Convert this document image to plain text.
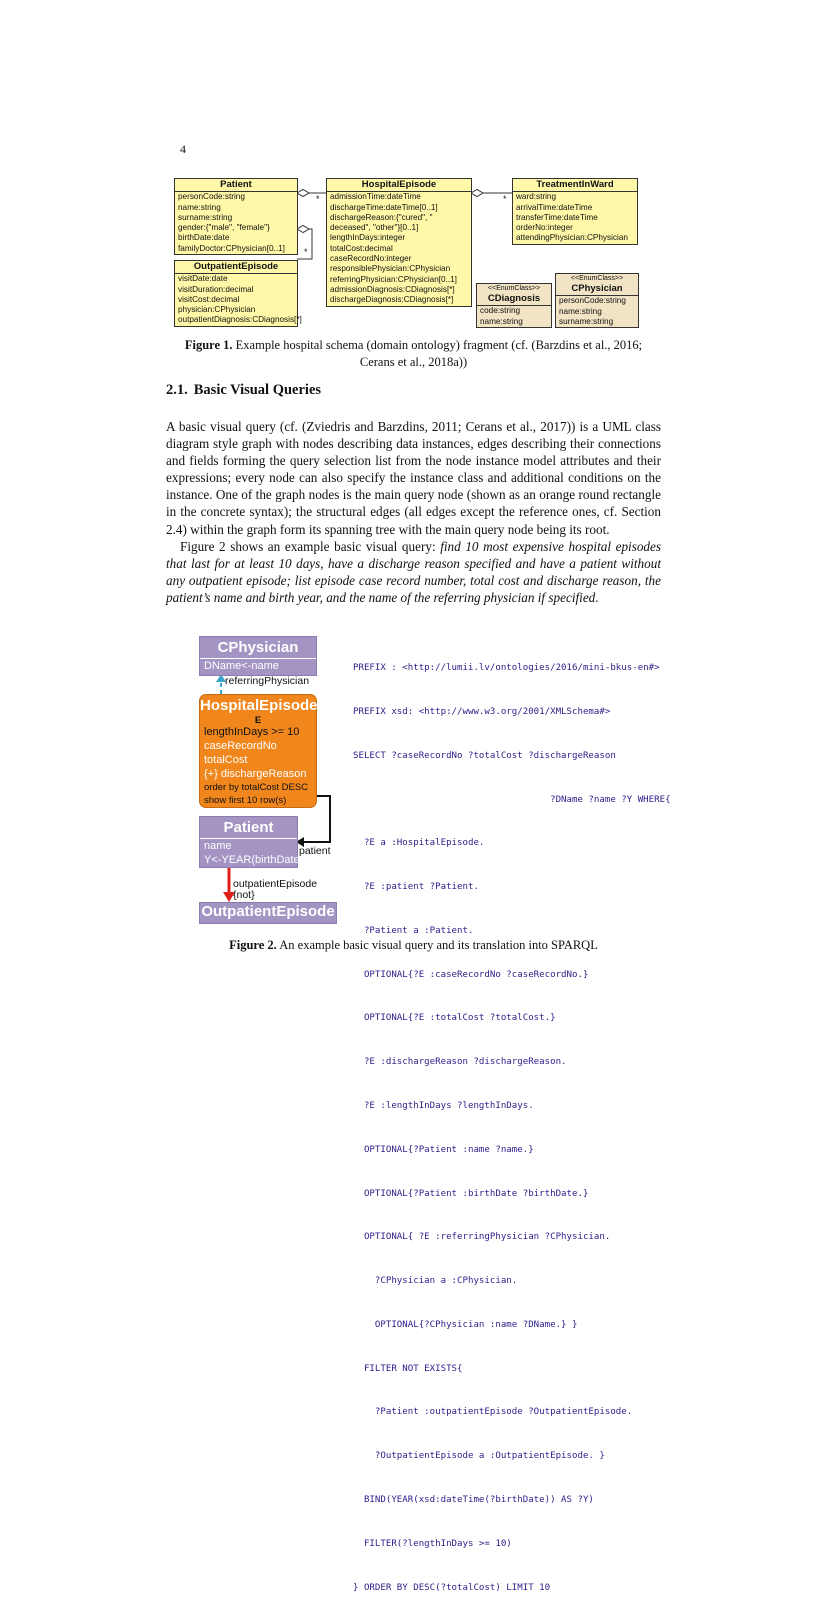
4
*
*
*
Patient
personCode:string
name:string
surname:string
gender:{"male", "female"}
birthDate:date
familyDoctor:CPhysician[0..1]
OutpatientEpisode
visitDate:date
visitDuration:decimal
visitCost:decimal
physician:CPhysician
outpatientDiagnosis:CDiagnosis[*]
HospitalEpisode
admissionTime:dateTime
dischargeTime:dateTime[0..1]
dischargeReason:{"cured", "
deceased", "other"}[0..1]
lengthInDays:integer
totalCost:decimal
caseRecordNo:integer
responsiblePhysician:CPhysician
referringPhysician:CPhysician[0..1]
admissionDiagnosis:CDiagnosis[*]
dischargeDiagnosis:CDiagnosis[*]
TreatmentInWard
ward:string
arrivalTime:dateTime
transferTime:dateTime
orderNo:integer
attendingPhysician:CPhysician
<<EnumClass>>
CDiagnosis
code:string
name:string
<<EnumClass>>
CPhysician
personCode:string
name:string
surname:string
Figure 1. Example hospital schema (domain ontology) fragment (cf. (Barzdins et al., 2016;
Cerans et al., 2018a))
2.1. Basic Visual Queries

A basic visual query (cf. (Zviedris and Barzdins, 2011; Cerans et al., 2017)) is a UML class diagram style graph with nodes describing data instances, edges describing their connections and fields forming the query selection list from the node instance model attributes and their expressions; every node can also specify the instance class and additional conditions on the instance. One of the graph nodes is the main query node (shown as an orange round rectangle in the concrete syntax); the structural edges (all edges except the reference ones, cf. Section 2.4) within the graph form its spanning tree with the main query node being its root.

Figure 2 shows an example basic visual query: find 10 most expensive hospital episodes that last for at least 10 days, have a discharge reason specified and have a patient without any outpatient episode; list episode case record number, total cost and discharge reason, the patient’s name and birth year, and the name of the referring physician if specified.

CPhysician
DName<-name
referringPhysician
HospitalEpisode
E
lengthInDays >= 10
caseRecordNo
totalCost
{+} dischargeReason
order by totalCost DESC
show first 10 row(s)
Patient
name
Y<-YEAR(birthDate)
patient
outpatientEpisode
{not}
OutpatientEpisode

PREFIX : <http://lumii.lv/ontologies/2016/mini-bkus-en#>

PREFIX xsd: <http://www.w3.org/2001/XMLSchema#>

SELECT ?caseRecordNo ?totalCost ?dischargeReason

?DName ?name ?Y WHERE{

?E a :HospitalEpisode.

?E :patient ?Patient.

?Patient a :Patient.

OPTIONAL{?E :caseRecordNo ?caseRecordNo.}

OPTIONAL{?E :totalCost ?totalCost.}

?E :dischargeReason ?dischargeReason.

?E :lengthInDays ?lengthInDays.

OPTIONAL{?Patient :name ?name.}

OPTIONAL{?Patient :birthDate ?birthDate.}

OPTIONAL{ ?E :referringPhysician ?CPhysician.

?CPhysician a :CPhysician.

OPTIONAL{?CPhysician :name ?DName.} }

FILTER NOT EXISTS{

?Patient :outpatientEpisode ?OutpatientEpisode.

?OutpatientEpisode a :OutpatientEpisode. }

BIND(YEAR(xsd:dateTime(?birthDate)) AS ?Y)

FILTER(?lengthInDays >= 10)

} ORDER BY DESC(?totalCost) LIMIT 10

Figure 2. An example basic visual query and its translation into SPARQL
